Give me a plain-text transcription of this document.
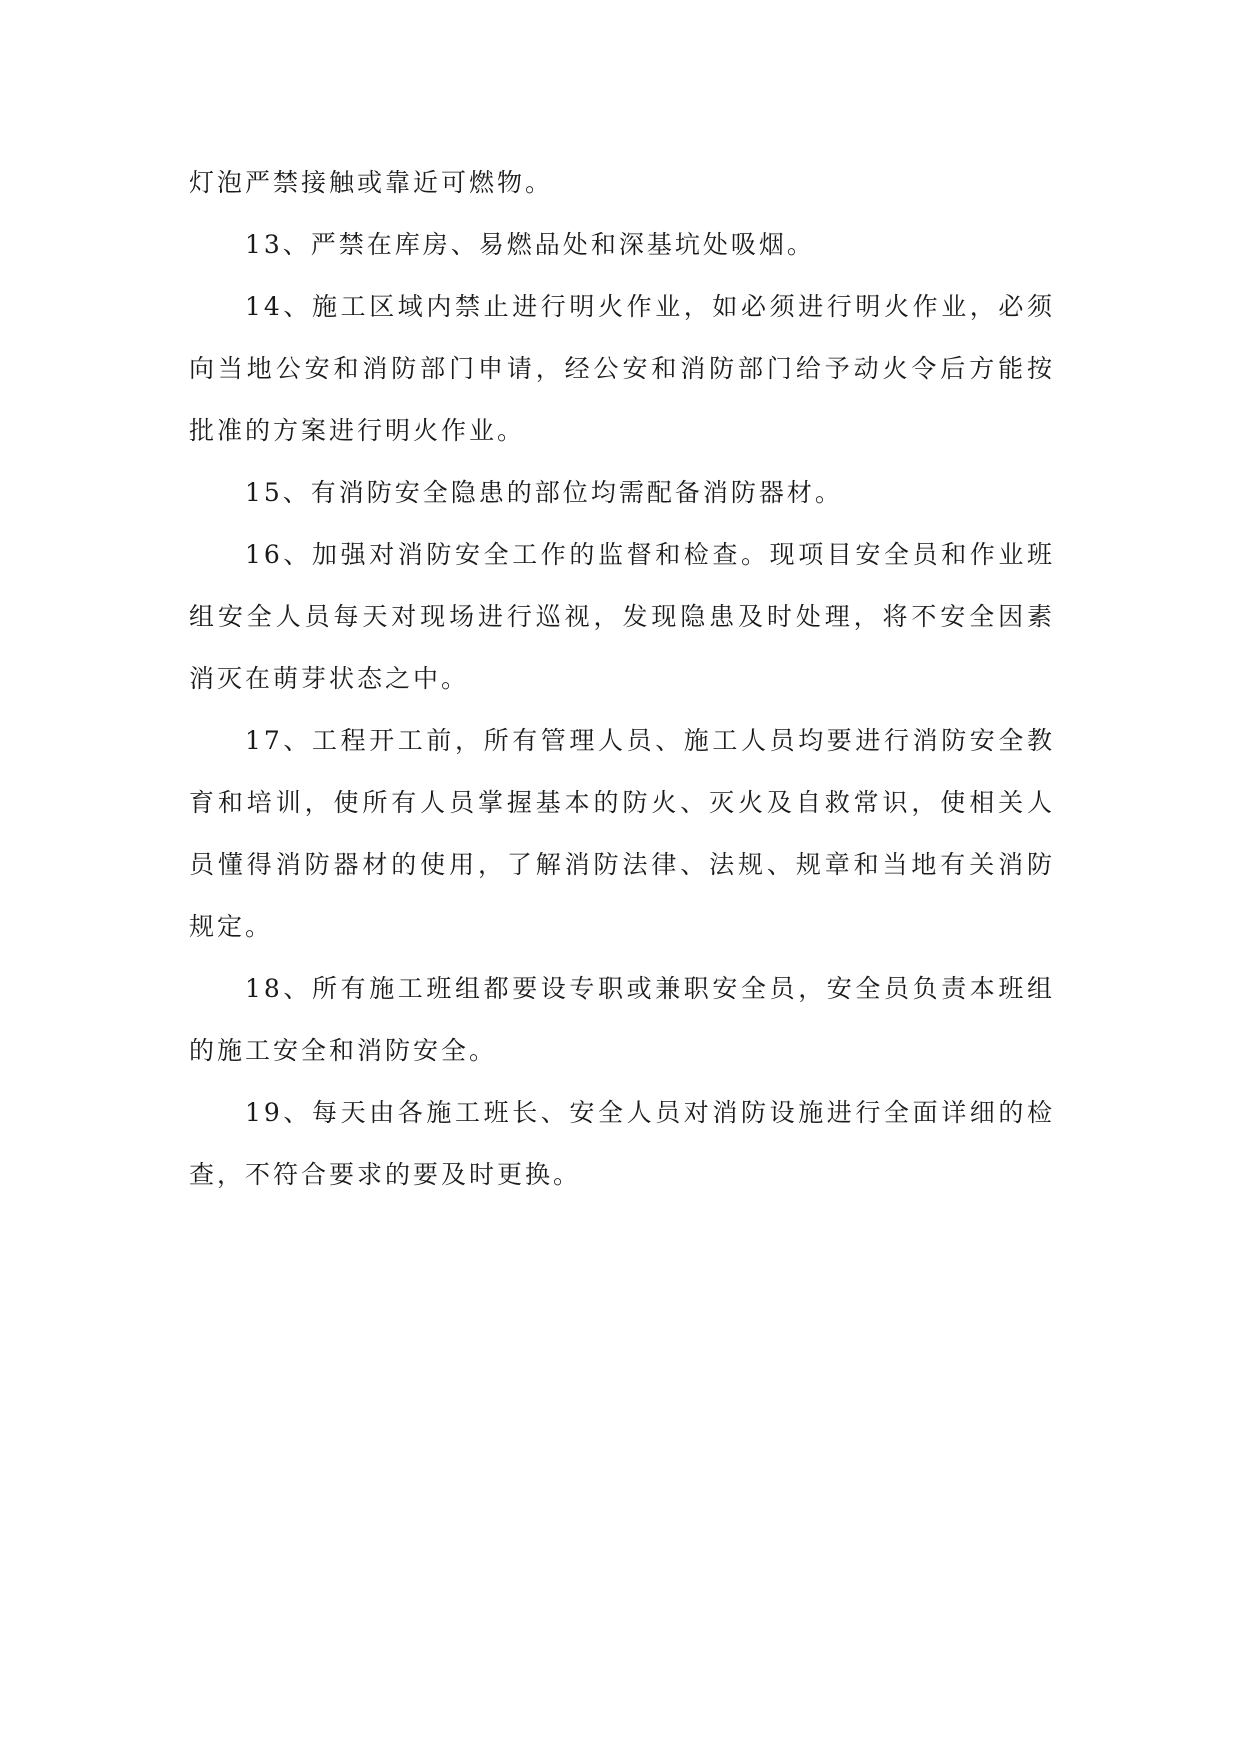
灯泡严禁接触或靠近可燃物。

13、严禁在库房、易燃品处和深基坑处吸烟。

14、施工区域内禁止进行明火作业，如必须进行明火作业，必须向当地公安和消防部门申请，经公安和消防部门给予动火令后方能按批准的方案进行明火作业。

15、有消防安全隐患的部位均需配备消防器材。

16、加强对消防安全工作的监督和检查。现项目安全员和作业班组安全人员每天对现场进行巡视，发现隐患及时处理，将不安全因素消灭在萌芽状态之中。

17、工程开工前，所有管理人员、施工人员均要进行消防安全教育和培训，使所有人员掌握基本的防火、灭火及自救常识，使相关人员懂得消防器材的使用，了解消防法律、法规、规章和当地有关消防规定。

18、所有施工班组都要设专职或兼职安全员，安全员负责本班组的施工安全和消防安全。

19、每天由各施工班长、安全人员对消防设施进行全面详细的检查，不符合要求的要及时更换。
